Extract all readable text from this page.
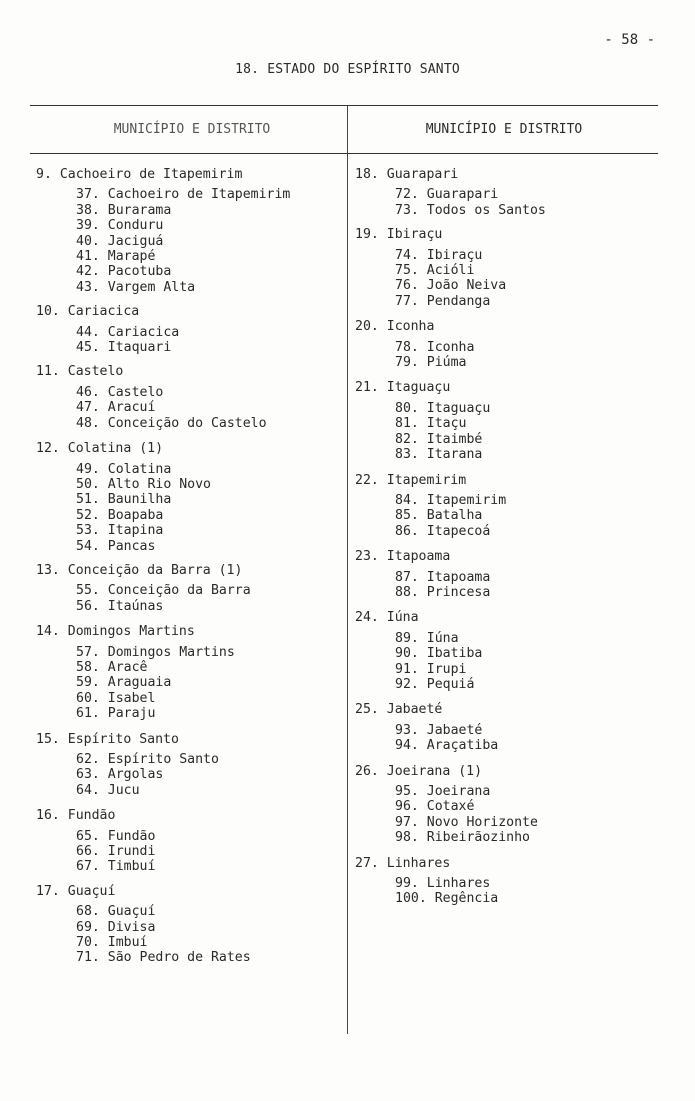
- 58 -
18. ESTADO DO ESPÍRITO SANTO
MUNICÍPIO E DISTRITO	MUNICÍPIO E DISTRITO
9. Cachoeiro de Itapemirim
37. Cachoeiro de Itapemirim
38. Burarama
39. Conduru
40. Jaciguá
41. Marapé
42. Pacotuba
43. Vargem Alta
10. Cariacica
44. Cariacica
45. Itaquari
11. Castelo
46. Castelo
47. Aracuí
48. Conceição do Castelo
12. Colatina (1)
49. Colatina
50. Alto Rio Novo
51. Baunilha
52. Boapaba
53. Itapina
54. Pancas
13. Conceição da Barra (1)
55. Conceição da Barra
56. Itaúnas
14. Domingos Martins
57. Domingos Martins
58. Aracê
59. Araguaia
60. Isabel
61. Paraju
15. Espírito Santo
62. Espírito Santo
63. Argolas
64. Jucu
16. Fundão
65. Fundão
66. Irundi
67. Timbuí
17. Guaçuí
68. Guaçuí
69. Divisa
70. Imbuí
71. São Pedro de Rates
18. Guarapari
72. Guarapari
73. Todos os Santos
19. Ibiraçu
74. Ibiraçu
75. Acióli
76. João Neiva
77. Pendanga
20. Iconha
78. Iconha
79. Piúma
21. Itaguaçu
80. Itaguaçu
81. Itaçu
82. Itaimbé
83. Itarana
22. Itapemirim
84. Itapemirim
85. Batalha
86. Itapecoá
23. Itapoama
87. Itapoama
88. Princesa
24. Iúna
89. Iúna
90. Ibatiba
91. Irupi
92. Pequiá
25. Jabaeté
93. Jabaeté
94. Araçatiba
26. Joeirana (1)
95. Joeirana
96. Cotaxé
97. Novo Horizonte
98. Ribeirãozinho
27. Linhares
99. Linhares
100. Regência
